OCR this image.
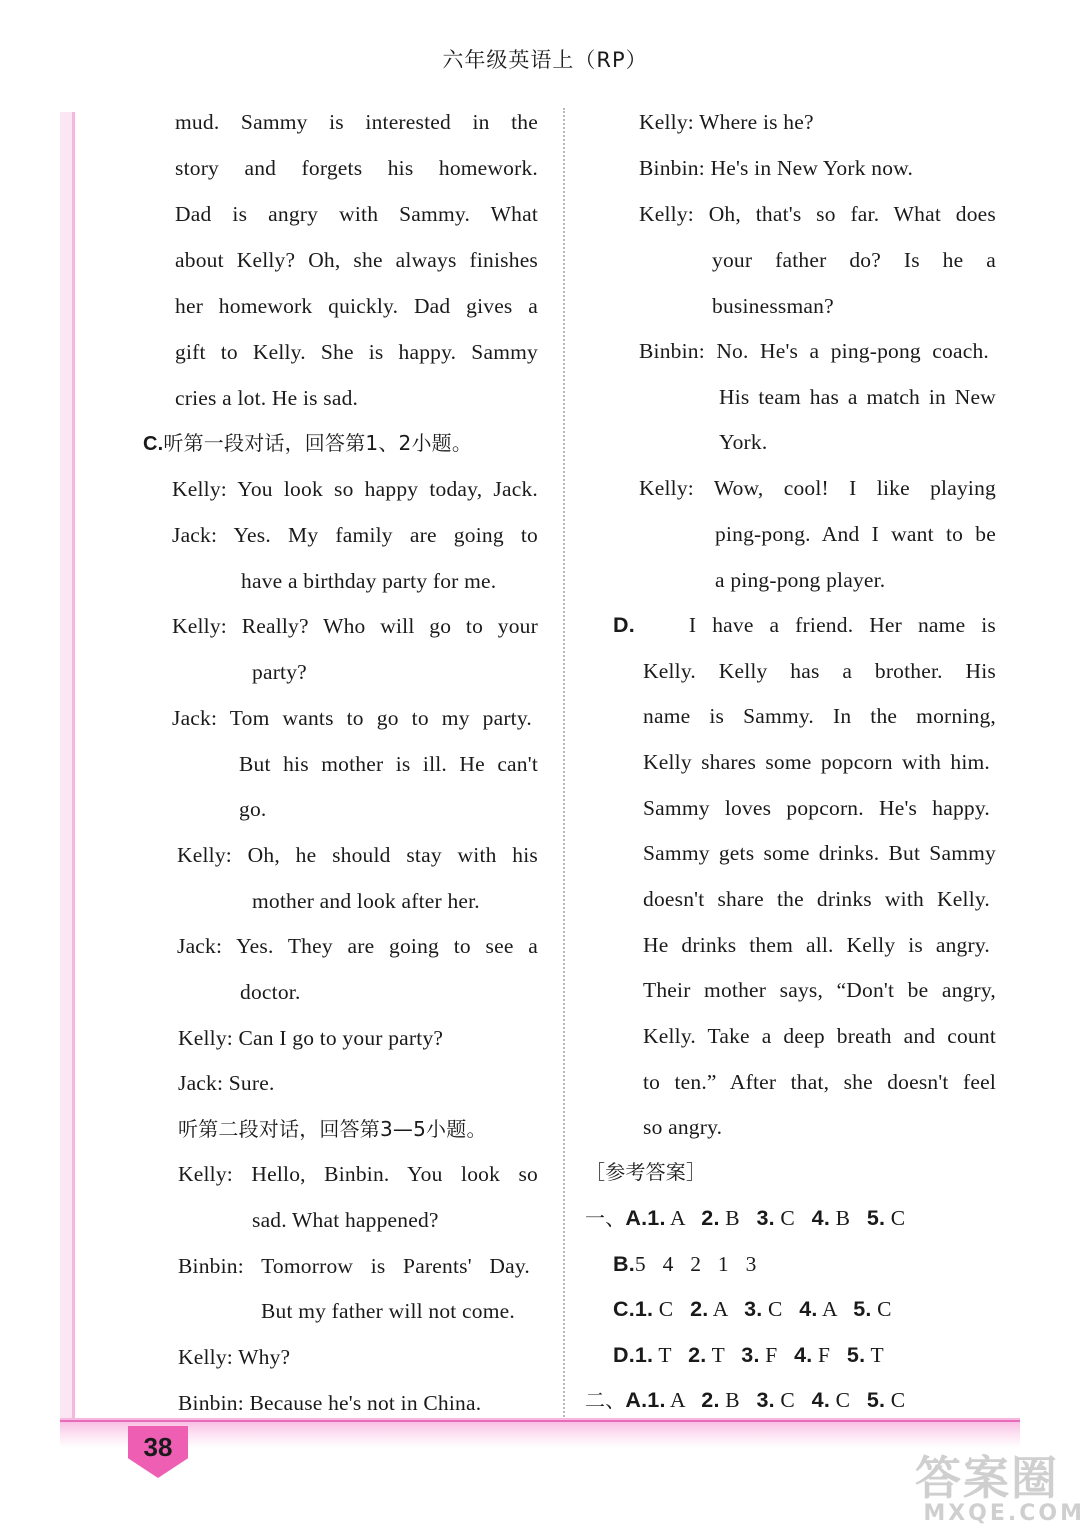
六年级英语上（RP）
mud. Sammy is interested in the
story and forgets his homework.
Dad is angry with Sammy. What
about Kelly? Oh, she always finishes
her homework quickly. Dad gives a
gift to Kelly. She is happy. Sammy
cries a lot. He is sad.
C.听第一段对话，回答第1、2小题。
Kelly: You look so happy today, Jack.
Jack: Yes. My family are going to
have a birthday party for me.
Kelly: Really? Who will go to your
party?
Jack: Tom wants to go to my party.
But his mother is ill. He can't
go.
Kelly: Oh, he should stay with his
mother and look after her.
Jack: Yes. They are going to see a
doctor.
Kelly: Can I go to your party?
Jack: Sure.
听第二段对话，回答第3—5小题。
Kelly: Hello, Binbin. You look so
sad. What happened?
Binbin: Tomorrow is Parents' Day.
But my father will not come.
Kelly: Why?
Binbin: Because he's not in China.
Kelly: Where is he?
Binbin: He's in New York now.
Kelly: Oh, that's so far. What does
your father do? Is he a
businessman?
Binbin: No. He's a ping-pong coach.
His team has a match in New
York.
Kelly: Wow, cool! I like playing
ping-pong. And I want to be
a ping-pong player.
D.	I have a friend. Her name is
Kelly. Kelly has a brother. His
name is Sammy. In the morning,
Kelly shares some popcorn with him.
Sammy loves popcorn. He's happy.
Sammy gets some drinks. But Sammy
doesn't share the drinks with Kelly.
He drinks them all. Kelly is angry.
Their mother says, “Don't be angry,
Kelly. Take a deep breath and count
to ten.” After that, she doesn't feel
so angry.
［参考答案］
一、A.1. A   2. B   3. C   4. B   5. C
B.5   4   2   1   3
C.1. C   2. A   3. C   4. A   5. C
D.1. T   2. T   3. F   4. F   5. T
二、A.1. A   2. B   3. C   4. C   5. C
38
答案圈
MXQE.COM
